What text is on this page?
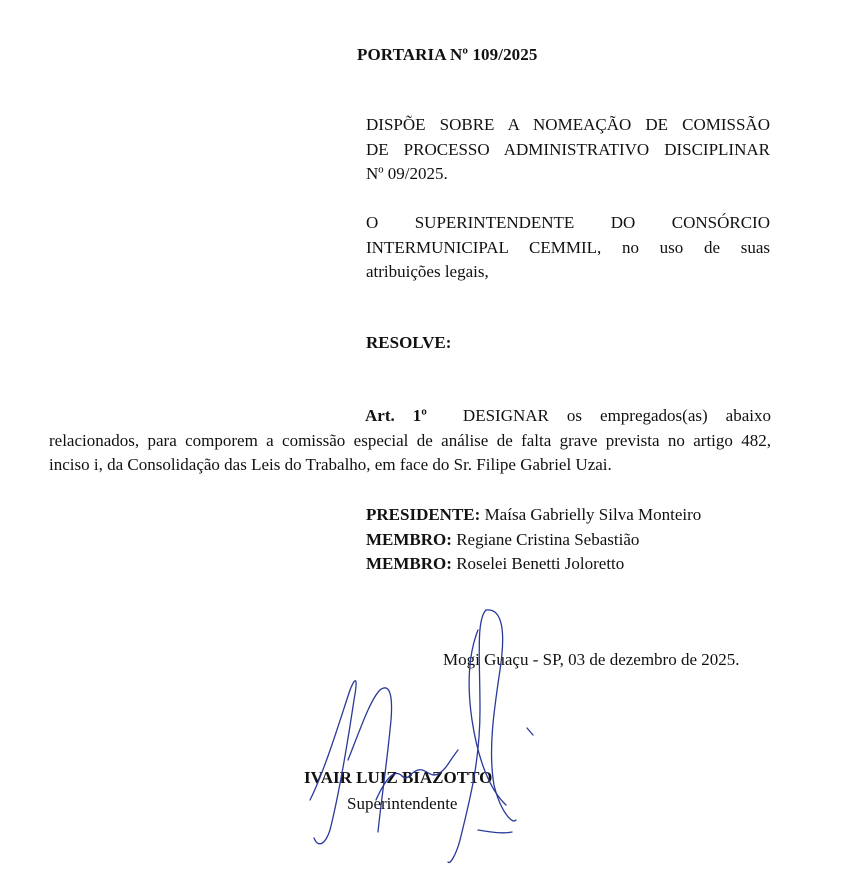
PORTARIA Nº 109/2025
DISPÕE SOBRE A NOMEAÇÃO DE COMISSÃO
DE PROCESSO ADMINISTRATIVO DISCIPLINAR
Nº 09/2025.
O SUPERINTENDENTE DO CONSÓRCIO
INTERMUNICIPAL CEMMIL, no uso de suas
atribuições legais,
RESOLVE:
Art. 1º DESIGNAR os empregados(as) abaixo
relacionados, para comporem a comissão especial de análise de falta grave prevista no artigo 482,
inciso i, da Consolidação das Leis do Trabalho, em face do Sr. Filipe Gabriel Uzai.
PRESIDENTE: Maísa Gabrielly Silva Monteiro
MEMBRO: Regiane Cristina Sebastião
MEMBRO: Roselei Benetti Joloretto
Mogi Guaçu - SP, 03 de dezembro de 2025.
IVAIR LUIZ BIAZOTTO
Superintendente
